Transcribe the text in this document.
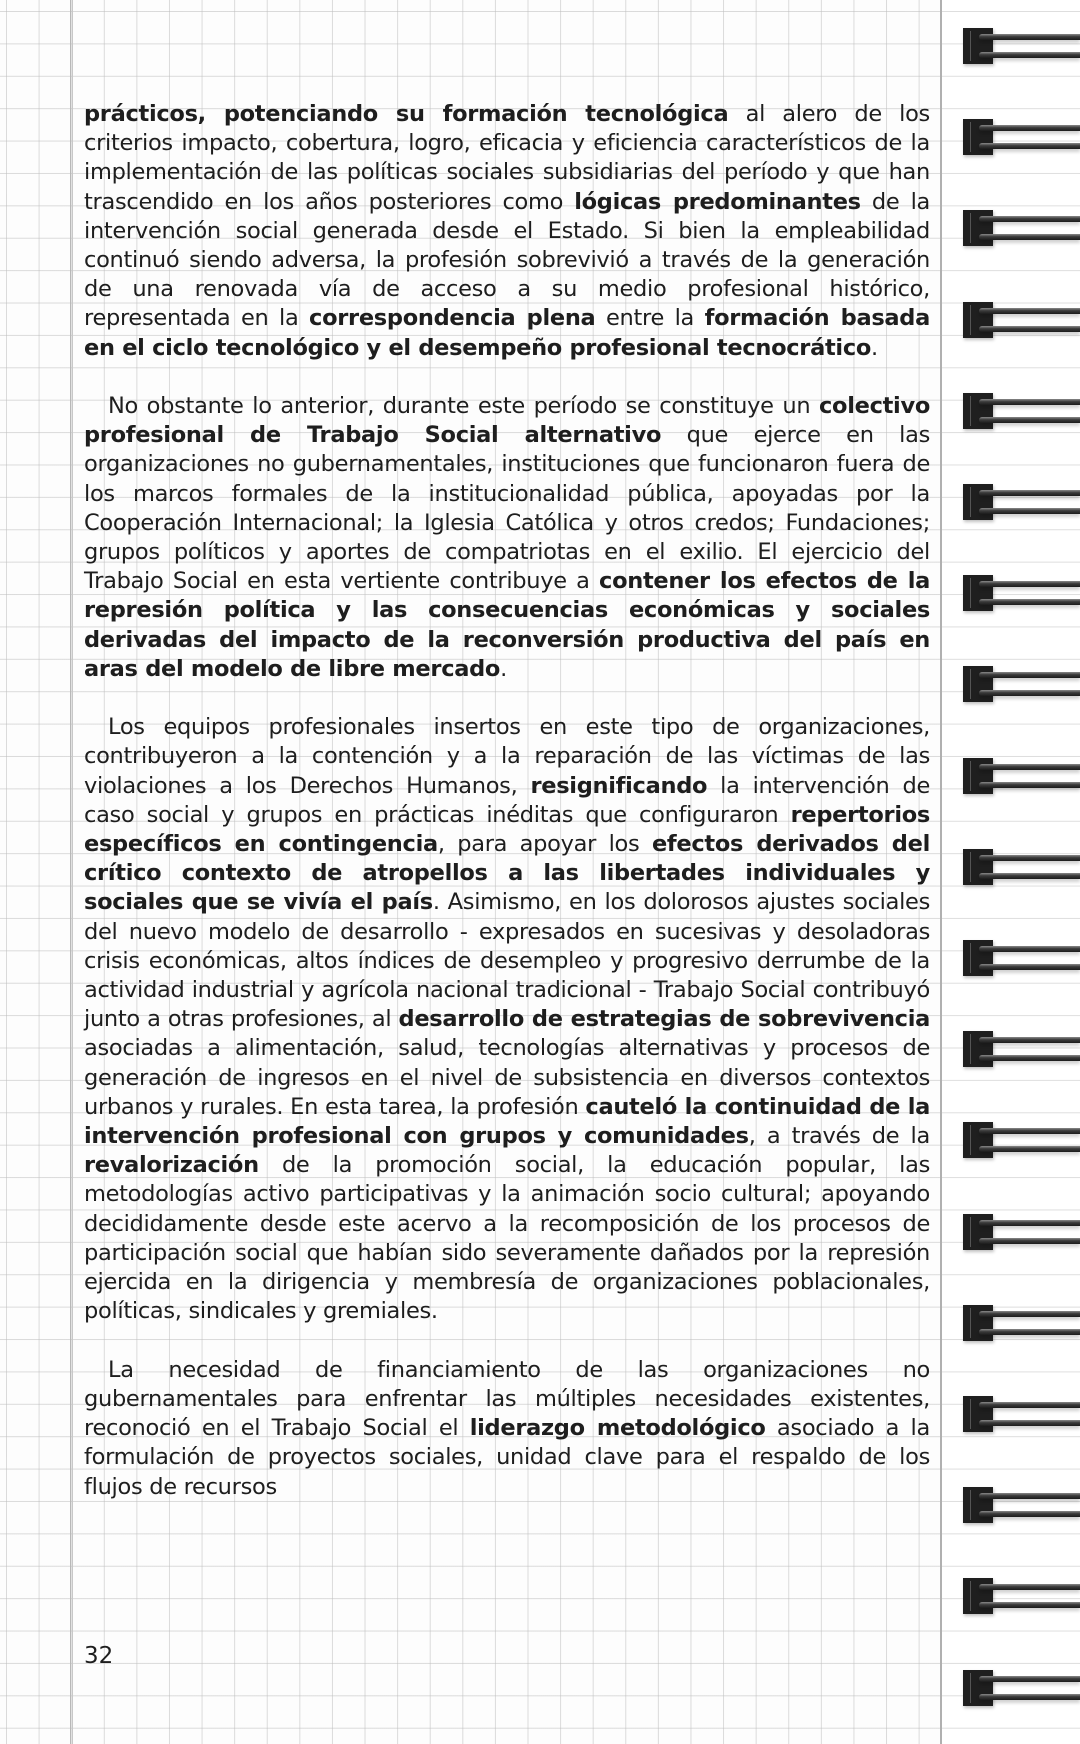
prácticos, potenciando su formación tecnológica al alero de los criterios impacto, cobertura, logro, eficacia y eficiencia característicos de la implementación de las políticas sociales subsidiarias del período y que han trascendido en los años posteriores como lógicas predominantes de la intervención social generada desde el Estado. Si bien la empleabilidad continuó siendo adversa, la profesión sobrevivió a través de la generación de una renovada vía de acceso a su medio profesional histórico, representada en la correspondencia plena entre la formación basada en el ciclo tecnológico y el desempeño profesional tecnocrático.

No obstante lo anterior, durante este período se constituye un colectivo profesional de Trabajo Social alternativo que ejerce en las organizaciones no gubernamentales, instituciones que funcionaron fuera de los marcos formales de la institucionalidad pública, apoyadas por la Cooperación Internacional; la Iglesia Católica y otros credos; Fundaciones; grupos políticos y aportes de compatriotas en el exilio. El ejercicio del Trabajo Social en esta vertiente contribuye a contener los efectos de la represión política y las consecuencias económicas y sociales derivadas del impacto de la reconversión productiva del país en aras del modelo de libre mercado.

Los equipos profesionales insertos en este tipo de organizaciones, contribuyeron a la contención y a la reparación de las víctimas de las violaciones a los Derechos Humanos, resignificando la intervención de caso social y grupos en prácticas inéditas que configuraron repertorios específicos en contingencia, para apoyar los efectos derivados del crítico contexto de atropellos a las libertades individuales y sociales que se vivía el país. Asimismo, en los dolorosos ajustes sociales del nuevo modelo de desarrollo - expresados en sucesivas y desoladoras crisis económicas, altos índices de desempleo y progresivo derrumbe de la actividad industrial y agrícola nacional tradicional - Trabajo Social contribuyó junto a otras profesiones, al desarrollo de estrategias de sobrevivencia asociadas a alimentación, salud, tecnologías alternativas y procesos de generación de ingresos en el nivel de subsistencia en diversos contextos urbanos y rurales. En esta tarea, la profesión cauteló la continuidad de la intervención profesional con grupos y comunidades, a través de la revalorización de la promoción social, la educación popular, las metodologías activo participativas y la animación socio cultural; apoyando decididamente desde este acervo a la recomposición de los procesos de participación social que habían sido severamente dañados por la represión ejercida en la dirigencia y membresía de organizaciones poblacionales, políticas, sindicales y gremiales.

La necesidad de financiamiento de las organizaciones no gubernamentales para enfrentar las múltiples necesidades existentes, reconoció en el Trabajo Social el liderazgo metodológico asociado a la formulación de proyectos sociales, unidad clave para el respaldo de los flujos de recursos

32
